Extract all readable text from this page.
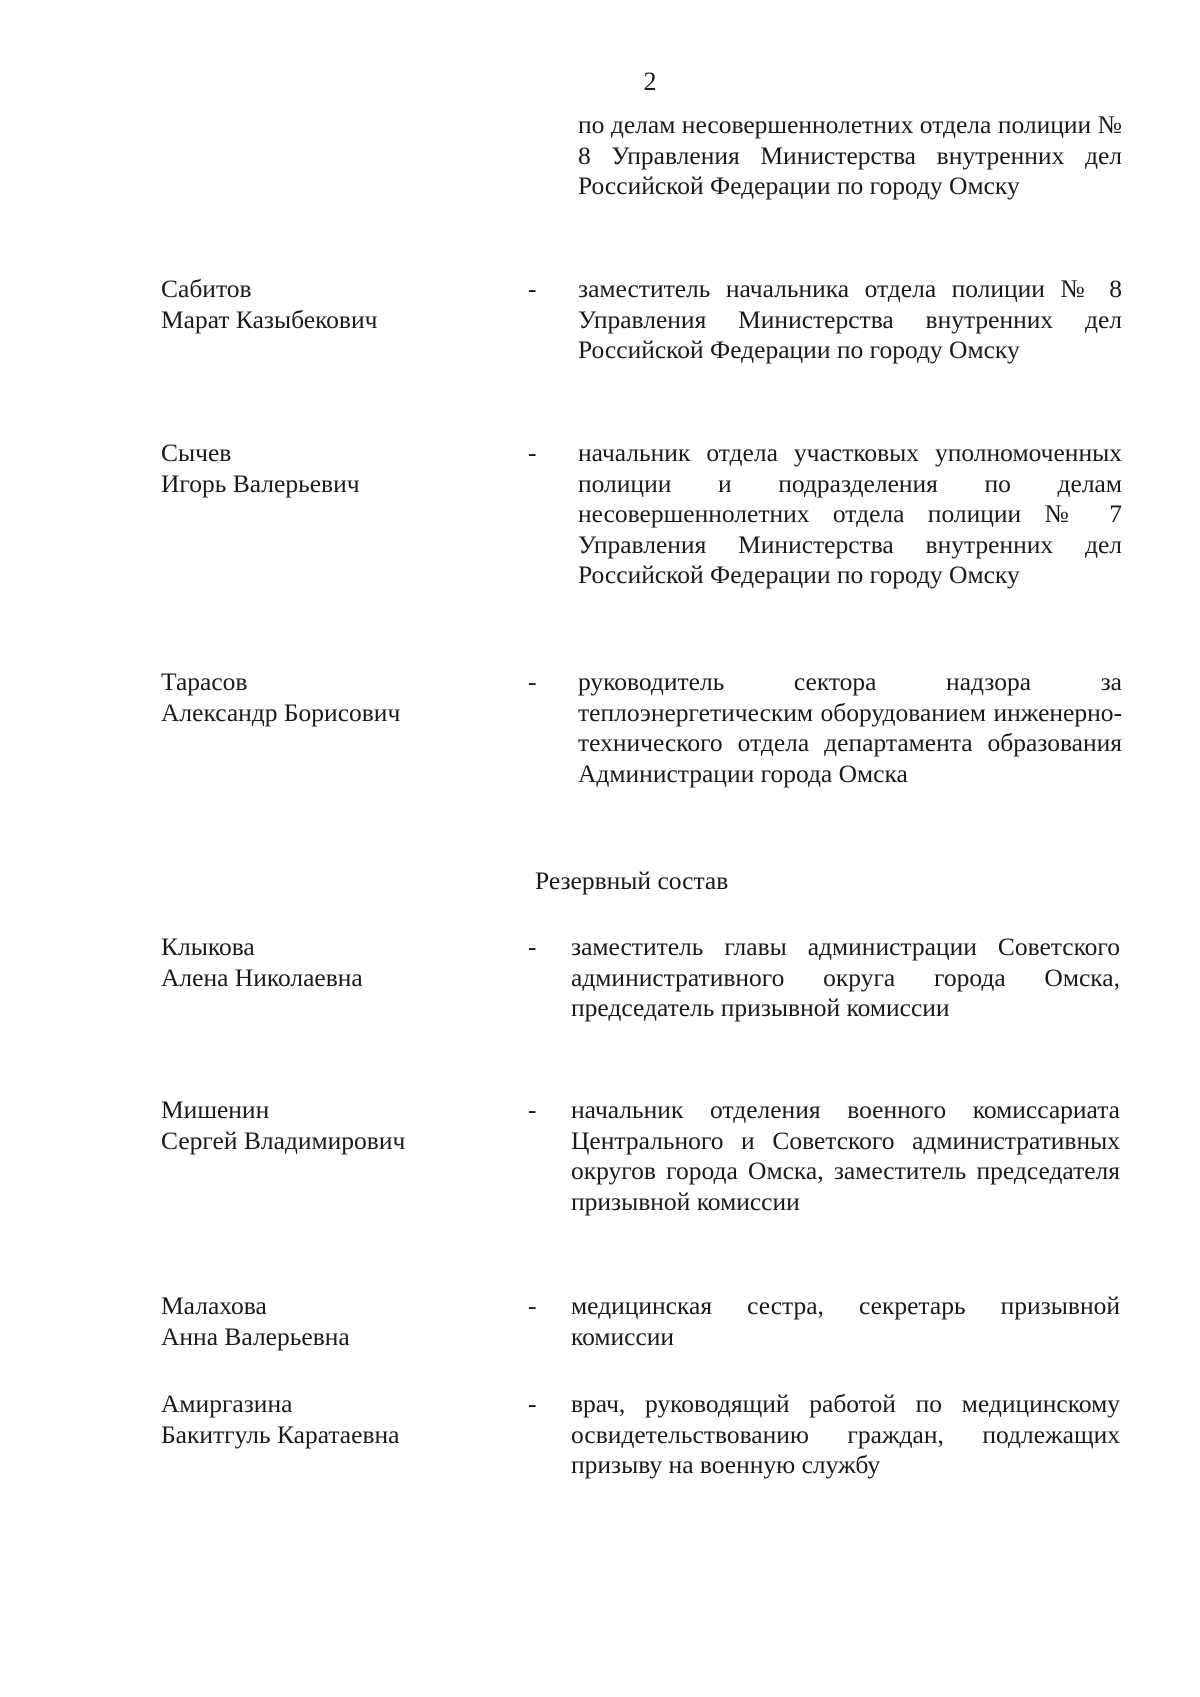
2
по делам несовершеннолетних отдела полиции № 8 Управления Министерства внутренних дел Российской Федерации по городу Омску
Сабитов
Марат Казыбекович
- заместитель начальника отдела полиции № 8 Управления Министерства внутренних дел Российской Федерации по городу Омску
Сычев
Игорь Валерьевич
- начальник отдела участковых уполномоченных полиции и подразделения по делам несовершеннолетних отдела полиции № 7 Управления Министерства внутренних дел Российской Федерации по городу Омску
Тарасов
Александр Борисович
- руководитель сектора надзора за теплоэнергетическим оборудованием инженерно-технического отдела департамента образования Администрации города Омска
Резервный состав
Клыкова
Алена Николаевна
- заместитель главы администрации Советского административного округа города Омска, председатель призывной комиссии
Мишенин
Сергей Владимирович
- начальник отделения военного комиссариата Центрального и Советского административных округов города Омска, заместитель председателя призывной комиссии
Малахова
Анна Валерьевна
- медицинская сестра, секретарь призывной комиссии
Амиргазина
Бакитгуль Каратаевна
- врач, руководящий работой по медицинскому освидетельствованию граждан, подлежащих призыву на военную службу
